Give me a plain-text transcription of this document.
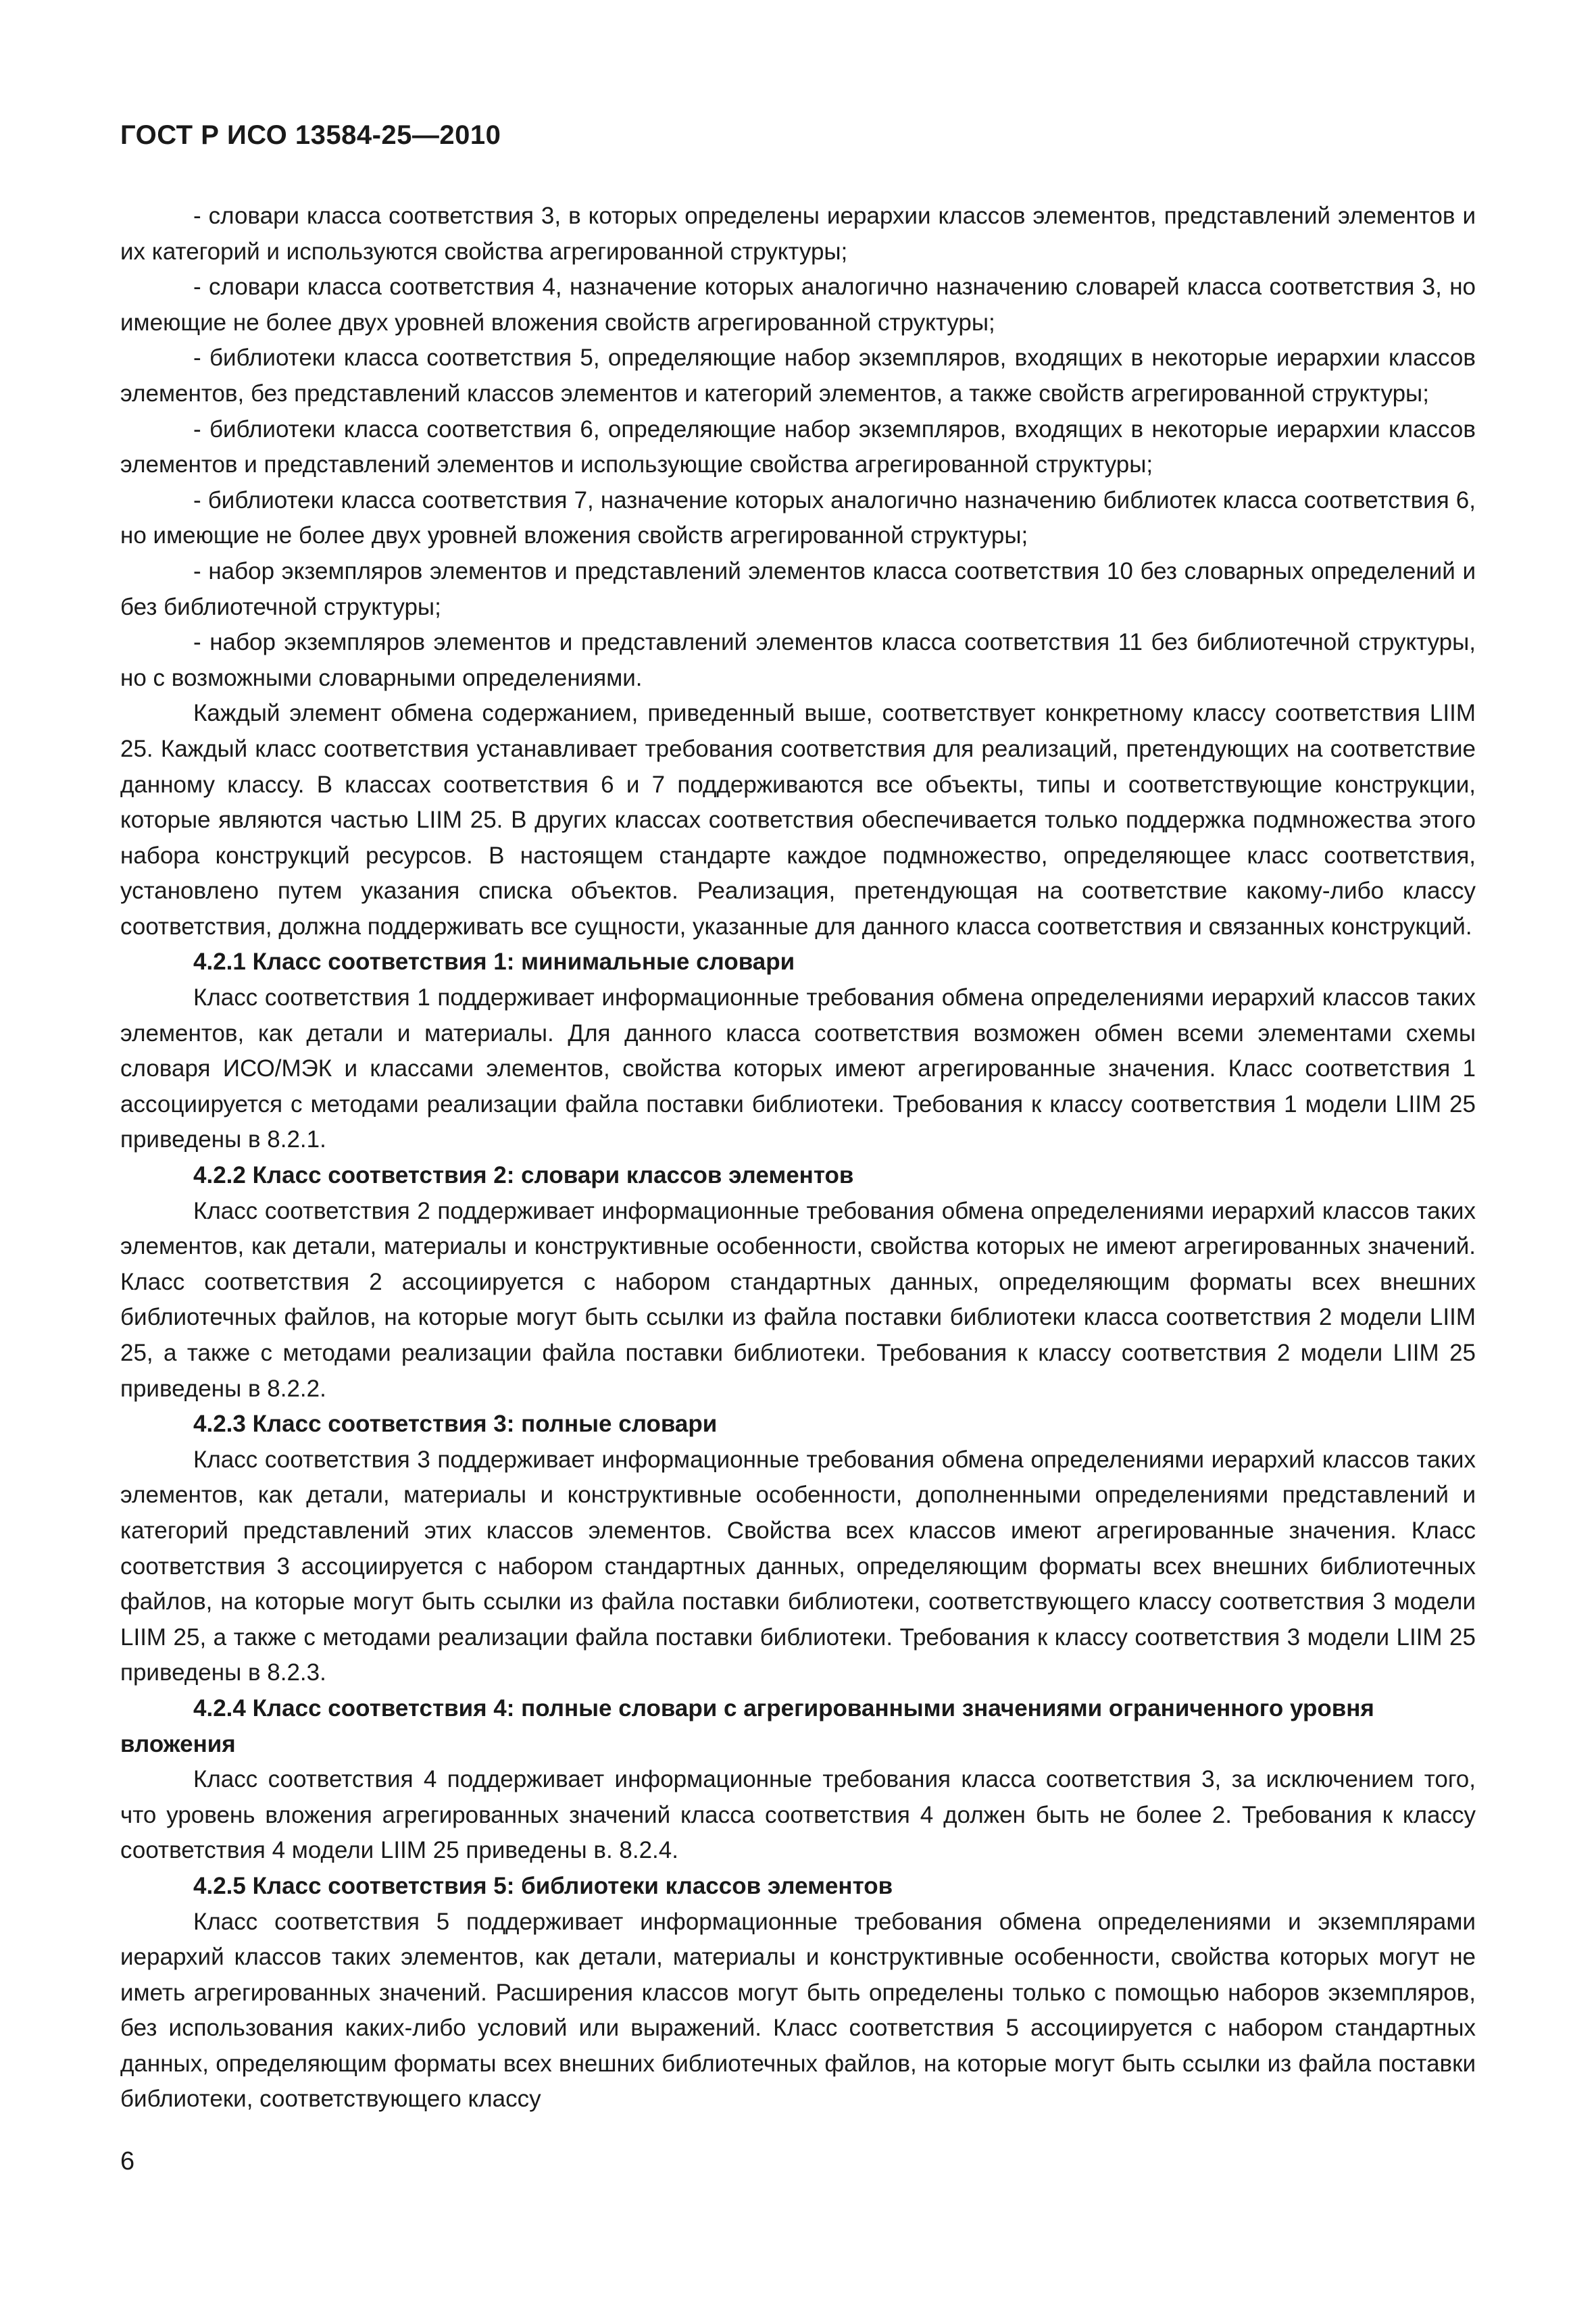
ГОСТ Р ИСО 13584-25—2010

- словари класса соответствия 3, в которых определены иерархии классов элементов, представлений элементов и их категорий и используются свойства агрегированной структуры;

- словари класса соответствия 4, назначение которых аналогично назначению словарей класса соответствия 3, но имеющие не более двух уровней вложения свойств агрегированной структуры;

- библиотеки класса соответствия 5, определяющие набор экземпляров, входящих в некоторые иерархии классов элементов, без представлений классов элементов и категорий элементов, а также свойств агрегированной структуры;

- библиотеки класса соответствия 6, определяющие набор экземпляров, входящих в некоторые иерархии классов элементов и представлений элементов и использующие свойства агрегированной структуры;

- библиотеки класса соответствия 7, назначение которых аналогично назначению библиотек класса соответствия 6, но имеющие не более двух уровней вложения свойств агрегированной структуры;

- набор экземпляров элементов и представлений элементов класса соответствия 10 без словарных определений и без библиотечной структуры;

- набор экземпляров элементов и представлений элементов класса соответствия 11 без библиотечной структуры, но с возможными словарными определениями.

Каждый элемент обмена содержанием, приведенный выше, соответствует конкретному классу соответствия LIIM 25. Каждый класс соответствия устанавливает требования соответствия для реализаций, претендующих на соответствие данному классу. В классах соответствия 6 и 7 поддерживаются все объекты, типы и соответствующие конструкции, которые являются частью LIIM 25. В других классах соответствия обеспечивается только поддержка подмножества этого набора конструкций ресурсов. В настоящем стандарте каждое подмножество, определяющее класс соответствия, установлено путем указания списка объектов. Реализация, претендующая на соответствие какому-либо классу соответствия, должна поддерживать все сущности, указанные для данного класса соответствия и связанных конструкций.

4.2.1 Класс соответствия 1: минимальные словари

Класс соответствия 1 поддерживает информационные требования обмена определениями иерархий классов таких элементов, как детали и материалы. Для данного класса соответствия возможен обмен всеми элементами схемы словаря ИСО/МЭК и классами элементов, свойства которых имеют агрегированные значения. Класс соответствия 1 ассоциируется с методами реализации файла поставки библиотеки. Требования к классу соответствия 1 модели LIIM 25 приведены в 8.2.1.

4.2.2 Класс соответствия 2: словари классов элементов

Класс соответствия 2 поддерживает информационные требования обмена определениями иерархий классов таких элементов, как детали, материалы и конструктивные особенности, свойства которых не имеют агрегированных значений. Класс соответствия 2 ассоциируется с набором стандартных данных, определяющим форматы всех внешних библиотечных файлов, на которые могут быть ссылки из файла поставки библиотеки класса соответствия 2 модели LIIM 25, а также с методами реализации файла поставки библиотеки. Требования к классу соответствия 2 модели LIIM 25 приведены в 8.2.2.

4.2.3 Класс соответствия 3: полные словари

Класс соответствия 3 поддерживает информационные требования обмена определениями иерархий классов таких элементов, как детали, материалы и конструктивные особенности, дополненными определениями представлений и категорий представлений этих классов элементов. Свойства всех классов имеют агрегированные значения. Класс соответствия 3 ассоциируется с набором стандартных данных, определяющим форматы всех внешних библиотечных файлов, на которые могут быть ссылки из файла поставки библиотеки, соответствующего классу соответствия 3 модели LIIM 25, а также с методами реализации файла поставки библиотеки. Требования к классу соответствия 3 модели LIIM 25 приведены в 8.2.3.

4.2.4 Класс соответствия 4: полные словари с агрегированными значениями ограниченного уровня вложения

Класс соответствия 4 поддерживает информационные требования класса соответствия 3, за исключением того, что уровень вложения агрегированных значений класса соответствия 4 должен быть не более 2. Требования к классу соответствия 4 модели LIIM 25 приведены в. 8.2.4.

4.2.5 Класс соответствия 5: библиотеки классов элементов

Класс соответствия 5 поддерживает информационные требования обмена определениями и экземплярами иерархий классов таких элементов, как детали, материалы и конструктивные особенности, свойства которых могут не иметь агрегированных значений. Расширения классов могут быть определены только с помощью наборов экземпляров, без использования каких-либо условий или выражений. Класс соответствия 5 ассоциируется с набором стандартных данных, определяющим форматы всех внешних библиотечных файлов, на которые могут быть ссылки из файла поставки библиотеки, соответствующего классу

6
